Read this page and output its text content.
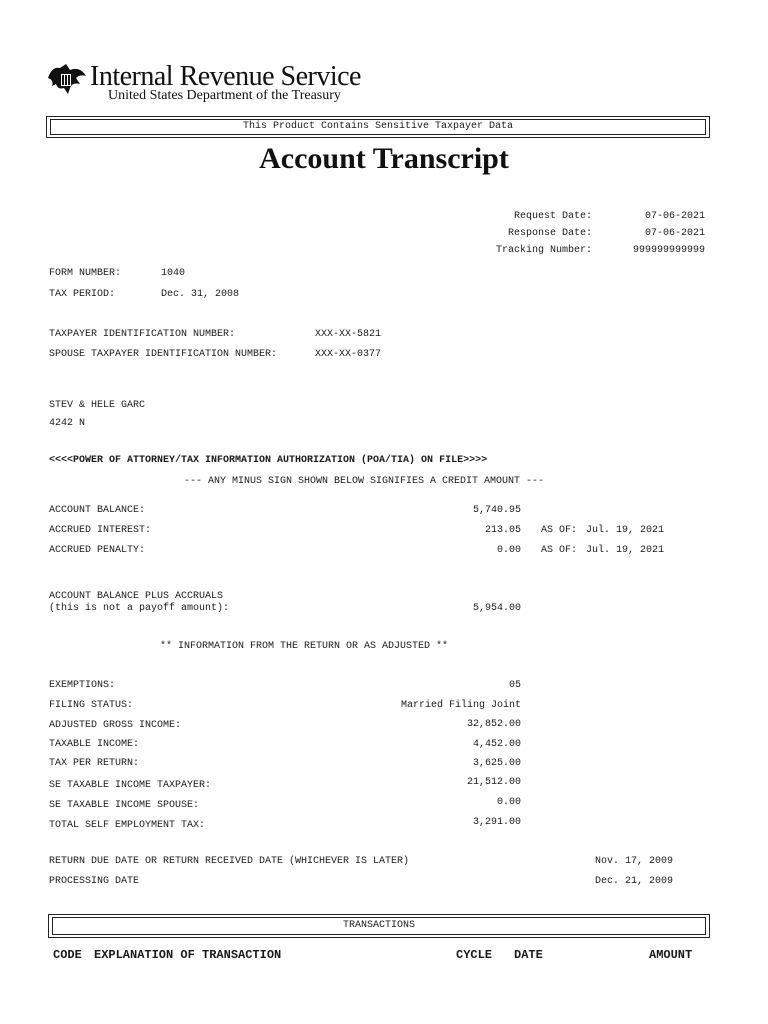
Internal Revenue Service
United States Department of the Treasury
This Product Contains Sensitive Taxpayer Data
Account Transcript
Request Date:	07-06-2021
Response Date:	07-06-2021
Tracking Number:	999999999999
FORM NUMBER:	1040
TAX PERIOD:	Dec. 31, 2008
TAXPAYER IDENTIFICATION NUMBER:	XXX-XX-5821
SPOUSE TAXPAYER IDENTIFICATION NUMBER:	XXX-XX-0377
STEV & HELE GARC
4242 N
<<<<POWER OF ATTORNEY/TAX INFORMATION AUTHORIZATION (POA/TIA) ON FILE>>>>
--- ANY MINUS SIGN SHOWN BELOW SIGNIFIES A CREDIT AMOUNT ---
ACCOUNT BALANCE:	5,740.95
ACCRUED INTEREST:	213.05 AS OF: Jul. 19, 2021
ACCRUED PENALTY:	0.00 AS OF: Jul. 19, 2021
ACCOUNT BALANCE PLUS ACCRUALS
(this is not a payoff amount):	5,954.00
** INFORMATION FROM THE RETURN OR AS ADJUSTED **
EXEMPTIONS:	05
FILING STATUS:	Married Filing Joint
ADJUSTED GROSS INCOME:	32,852.00
TAXABLE INCOME:	4,452.00
TAX PER RETURN:	3,625.00
SE TAXABLE INCOME TAXPAYER:	21,512.00
SE TAXABLE INCOME SPOUSE:	0.00
TOTAL SELF EMPLOYMENT TAX:	3,291.00
RETURN DUE DATE OR RETURN RECEIVED DATE (WHICHEVER IS LATER)	Nov. 17, 2009
PROCESSING DATE	Dec. 21, 2009
TRANSACTIONS
CODE EXPLANATION OF TRANSACTION	CYCLE DATE	AMOUNT
